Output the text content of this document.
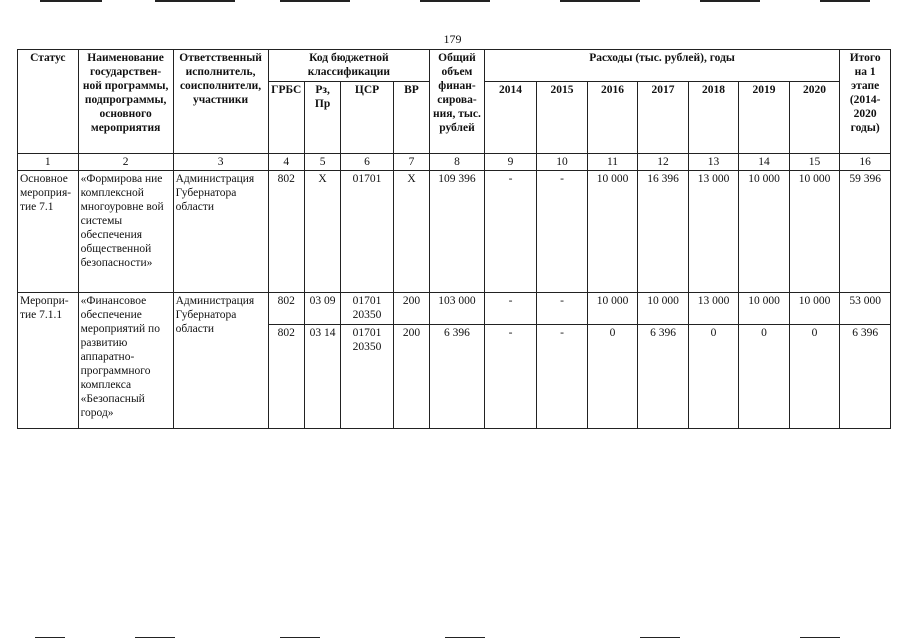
179
Статус	Наименование государствен-ной программы, подпрограммы, основного мероприятия	Ответственный исполнитель, соисполнители, участники	Код бюджетной классификации				Общий объем финан-сирова-ния, тыс. рублей	Расходы (тыс. рублей), годы							Итого на 1 этапе (2014-2020 годы)
			ГРБС	Рз, Пр	ЦСР	ВР		2014	2015	2016	2017	2018	2019	2020	
1	2	3	4	5	6	7	8	9	10	11	12	13	14	15	16
Основное мероприя-тие 7.1	«Формирова ние комплексной многоуровне вой системы обеспечения общественной безопасности»	Администрация Губернатора области	802	Х	01701	Х	109 396	-	-	10 000	16 396	13 000	10 000	10 000	59 396
Меропри-тие 7.1.1	«Финансовое обеспечение мероприятий по развитию аппаратно-программного комплекса «Безопасный город»	Администрация Губернатора области	802	03 09	01701 20350	200	103 000	-	-	10 000	10 000	13 000	10 000	10 000	53 000
			802	03 14	01701 20350	200	6 396	-	-	0	6 396	0	0	0	6 396
